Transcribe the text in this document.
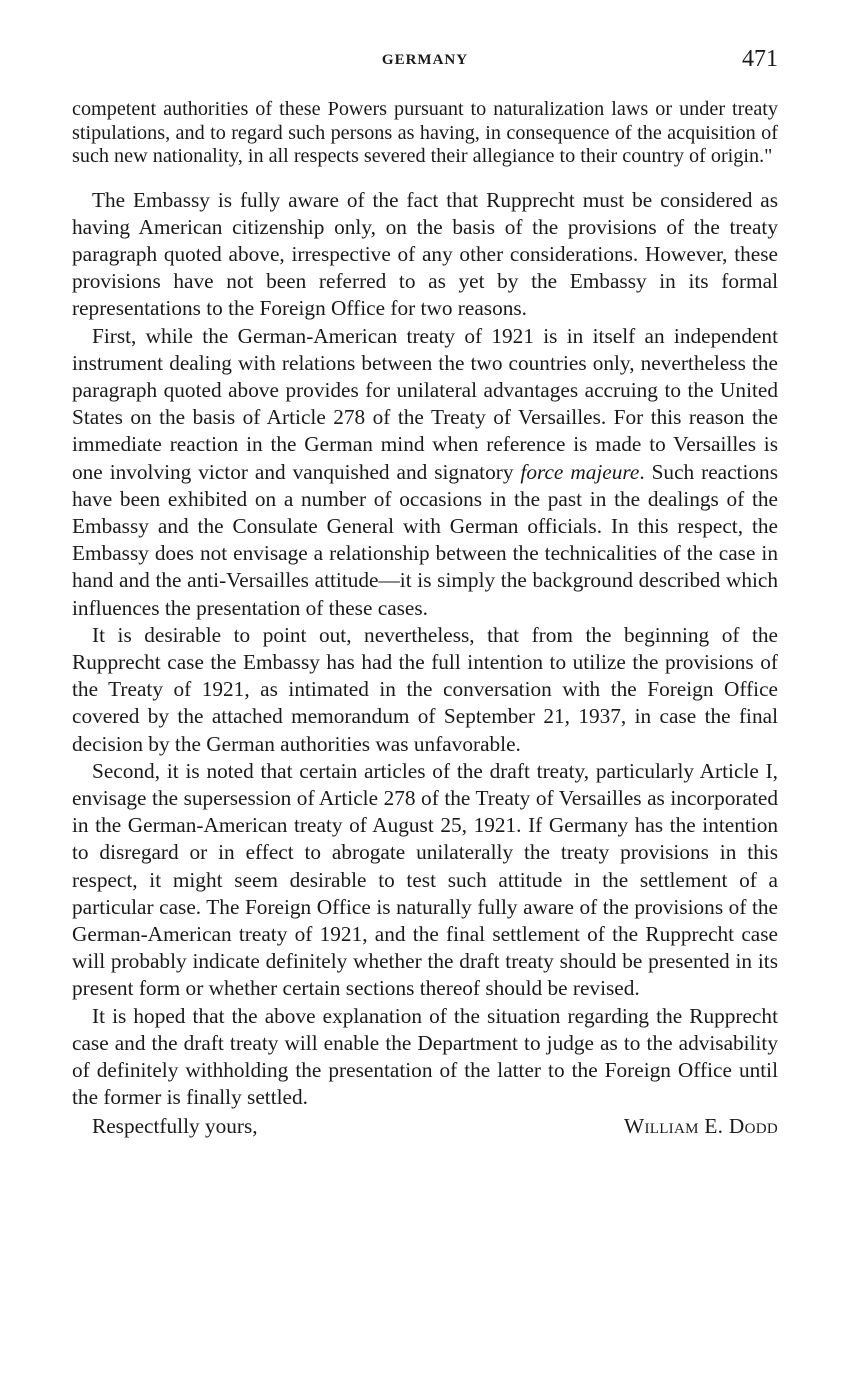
GERMANY	471

competent authorities of these Powers pursuant to naturalization laws or under treaty stipulations, and to regard such persons as having, in consequence of the acquisition of such new nationality, in all respects severed their allegiance to their country of origin."

The Embassy is fully aware of the fact that Rupprecht must be considered as having American citizenship only, on the basis of the provisions of the treaty paragraph quoted above, irrespective of any other considerations. However, these provisions have not been referred to as yet by the Embassy in its formal representations to the Foreign Office for two reasons.

First, while the German-American treaty of 1921 is in itself an independent instrument dealing with relations between the two countries only, nevertheless the paragraph quoted above provides for unilateral advantages accruing to the United States on the basis of Article 278 of the Treaty of Versailles. For this reason the immediate reaction in the German mind when reference is made to Versailles is one involving victor and vanquished and signatory force majeure. Such reactions have been exhibited on a number of occasions in the past in the dealings of the Embassy and the Consulate General with German officials. In this respect, the Embassy does not envisage a relationship between the technicalities of the case in hand and the anti-Versailles attitude—it is simply the background described which influences the presentation of these cases.

It is desirable to point out, nevertheless, that from the beginning of the Rupprecht case the Embassy has had the full intention to utilize the provisions of the Treaty of 1921, as intimated in the conversation with the Foreign Office covered by the attached memorandum of September 21, 1937, in case the final decision by the German authorities was unfavorable.

Second, it is noted that certain articles of the draft treaty, particularly Article I, envisage the supersession of Article 278 of the Treaty of Versailles as incorporated in the German-American treaty of August 25, 1921. If Germany has the intention to disregard or in effect to abrogate unilaterally the treaty provisions in this respect, it might seem desirable to test such attitude in the settlement of a particular case. The Foreign Office is naturally fully aware of the provisions of the German-American treaty of 1921, and the final settlement of the Rupprecht case will probably indicate definitely whether the draft treaty should be presented in its present form or whether certain sections thereof should be revised.

It is hoped that the above explanation of the situation regarding the Rupprecht case and the draft treaty will enable the Department to judge as to the advisability of definitely withholding the presentation of the latter to the Foreign Office until the former is finally settled.

Respectfully yours,	William E. Dodd
